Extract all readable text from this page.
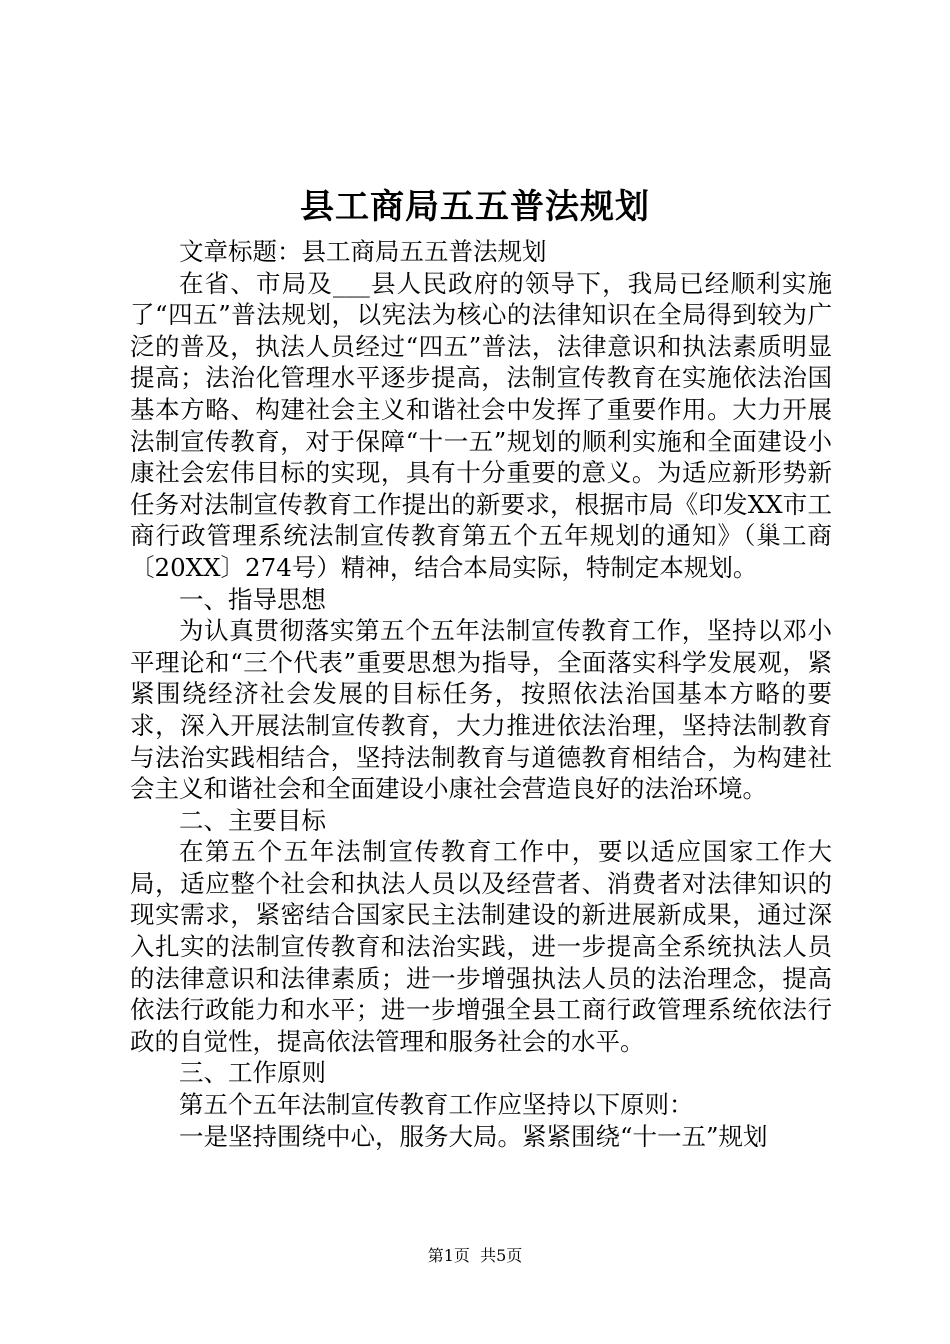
县工商局五五普法规划

文章标题：县工商局五五普法规划

在省、市局及___县人民政府的领导下，我局已经顺利实施了“四五”普法规划，以宪法为核心的法律知识在全局得到较为广泛的普及，执法人员经过“四五”普法，法律意识和执法素质明显提高；法治化管理水平逐步提高，法制宣传教育在实施依法治国基本方略、构建社会主义和谐社会中发挥了重要作用。大力开展法制宣传教育，对于保障“十一五”规划的顺利实施和全面建设小康社会宏伟目标的实现，具有十分重要的意义。为适应新形势新任务对法制宣传教育工作提出的新要求，根据市局《印发XX市工商行政管理系统法制宣传教育第五个五年规划的通知》（巢工商〔20XX〕274号）精神，结合本局实际，特制定本规划。

一、指导思想

为认真贯彻落实第五个五年法制宣传教育工作，坚持以邓小平理论和“三个代表”重要思想为指导，全面落实科学发展观，紧紧围绕经济社会发展的目标任务，按照依法治国基本方略的要求，深入开展法制宣传教育，大力推进依法治理，坚持法制教育与法治实践相结合，坚持法制教育与道德教育相结合，为构建社会主义和谐社会和全面建设小康社会营造良好的法治环境。

二、主要目标

在第五个五年法制宣传教育工作中，要以适应国家工作大局，适应整个社会和执法人员以及经营者、消费者对法律知识的现实需求，紧密结合国家民主法制建设的新进展新成果，通过深入扎实的法制宣传教育和法治实践，进一步提高全系统执法人员的法律意识和法律素质；进一步增强执法人员的法治理念，提高依法行政能力和水平；进一步增强全县工商行政管理系统依法行政的自觉性，提高依法管理和服务社会的水平。

三、工作原则

第五个五年法制宣传教育工作应坚持以下原则：

一是坚持围绕中心，服务大局。紧紧围绕“十一五”规划

第1页  共5页
